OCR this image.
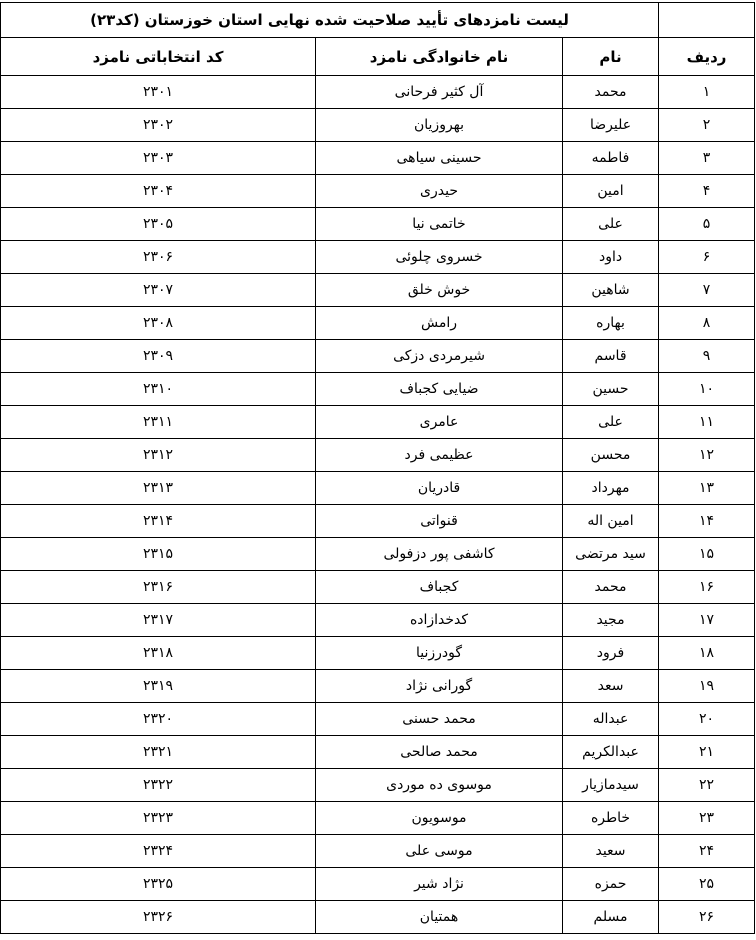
	لیست نامزدهای تأیید صلاحیت شده نهایی استان خوزستان (کد۲۳)		
ردیف	نام	نام خانوادگی نامزد	کد انتخاباتی نامزد
۱	محمد	آل کثیر فرحانی	۲۳۰۱
۲	علیرضا	بهروزیان	۲۳۰۲
۳	فاطمه	حسینی سیاهی	۲۳۰۳
۴	امین	حیدری	۲۳۰۴
۵	علی	خاتمی نیا	۲۳۰۵
۶	داود	خسروی چلوئی	۲۳۰۶
۷	شاهین	خوش خلق	۲۳۰۷
۸	بهاره	رامش	۲۳۰۸
۹	قاسم	شیرمردی دزکی	۲۳۰۹
۱۰	حسین	ضیایی کجباف	۲۳۱۰
۱۱	علی	عامری	۲۳۱۱
۱۲	محسن	عظیمی فرد	۲۳۱۲
۱۳	مهرداد	قادریان	۲۳۱۳
۱۴	امین اله	قنواتی	۲۳۱۴
۱۵	سید مرتضی	کاشفی پور دزفولی	۲۳۱۵
۱۶	محمد	کجباف	۲۳۱۶
۱۷	مجید	کدخدازاده	۲۳۱۷
۱۸	فرود	گودرزنیا	۲۳۱۸
۱۹	سعد	گورانی نژاد	۲۳۱۹
۲۰	عبداله	محمد حسنی	۲۳۲۰
۲۱	عبدالکریم	محمد صالحی	۲۳۲۱
۲۲	سیدمازیار	موسوی ده موردی	۲۳۲۲
۲۳	خاطره	موسویون	۲۳۲۳
۲۴	سعید	موسی علی	۲۳۲۴
۲۵	حمزه	نژاد شیر	۲۳۲۵
۲۶	مسلم	همتیان	۲۳۲۶
